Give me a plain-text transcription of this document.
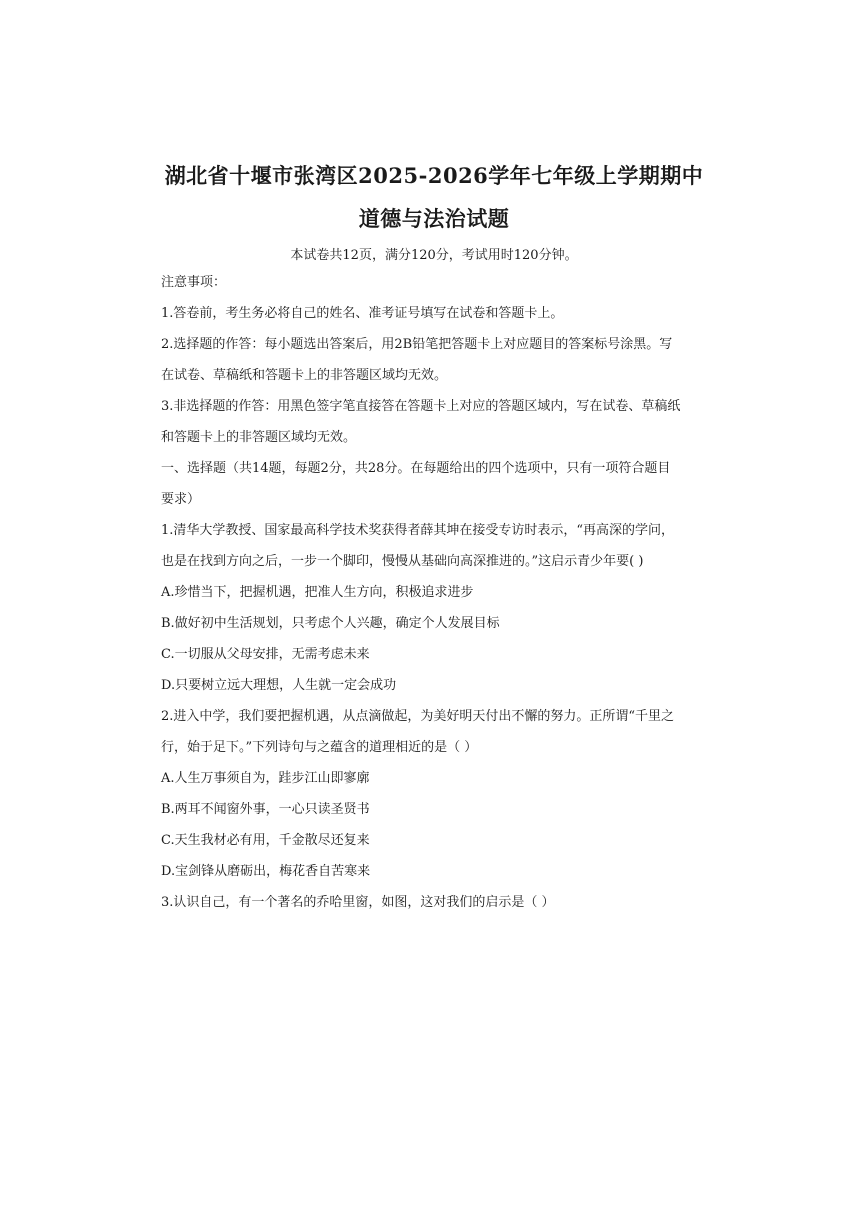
湖北省十堰市张湾区2025-2026学年七年级上学期期中
道德与法治试题
本试卷共12页，满分120分，考试用时120分钟。
注意事项：
1.答卷前，考生务必将自己的姓名、准考证号填写在试卷和答题卡上。
2.选择题的作答：每小题选出答案后，用2B铅笔把答题卡上对应题目的答案标号涂黑。写
在试卷、草稿纸和答题卡上的非答题区域均无效。
3.非选择题的作答：用黑色签字笔直接答在答题卡上对应的答题区域内，写在试卷、草稿纸
和答题卡上的非答题区域均无效。
一、选择题（共14题，每题2分，共28分。在每题给出的四个选项中，只有一项符合题目
要求）
1.清华大学教授、国家最高科学技术奖获得者薛其坤在接受专访时表示，“再高深的学问，
也是在找到方向之后，一步一个脚印，慢慢从基础向高深推进的。”这启示青少年要( )
A.珍惜当下，把握机遇，把准人生方向，积极追求进步
B.做好初中生活规划，只考虑个人兴趣，确定个人发展目标
C.一切服从父母安排，无需考虑未来
D.只要树立远大理想，人生就一定会成功
2.进入中学，我们要把握机遇，从点滴做起，为美好明天付出不懈的努力。正所谓“千里之
行，始于足下。”下列诗句与之蕴含的道理相近的是（ ）
A.人生万事须自为，跬步江山即寥廓
B.两耳不闻窗外事，一心只读圣贤书
C.天生我材必有用，千金散尽还复来
D.宝剑锋从磨砺出，梅花香自苦寒来
3.认识自己，有一个著名的乔哈里窗，如图，这对我们的启示是（ ）
